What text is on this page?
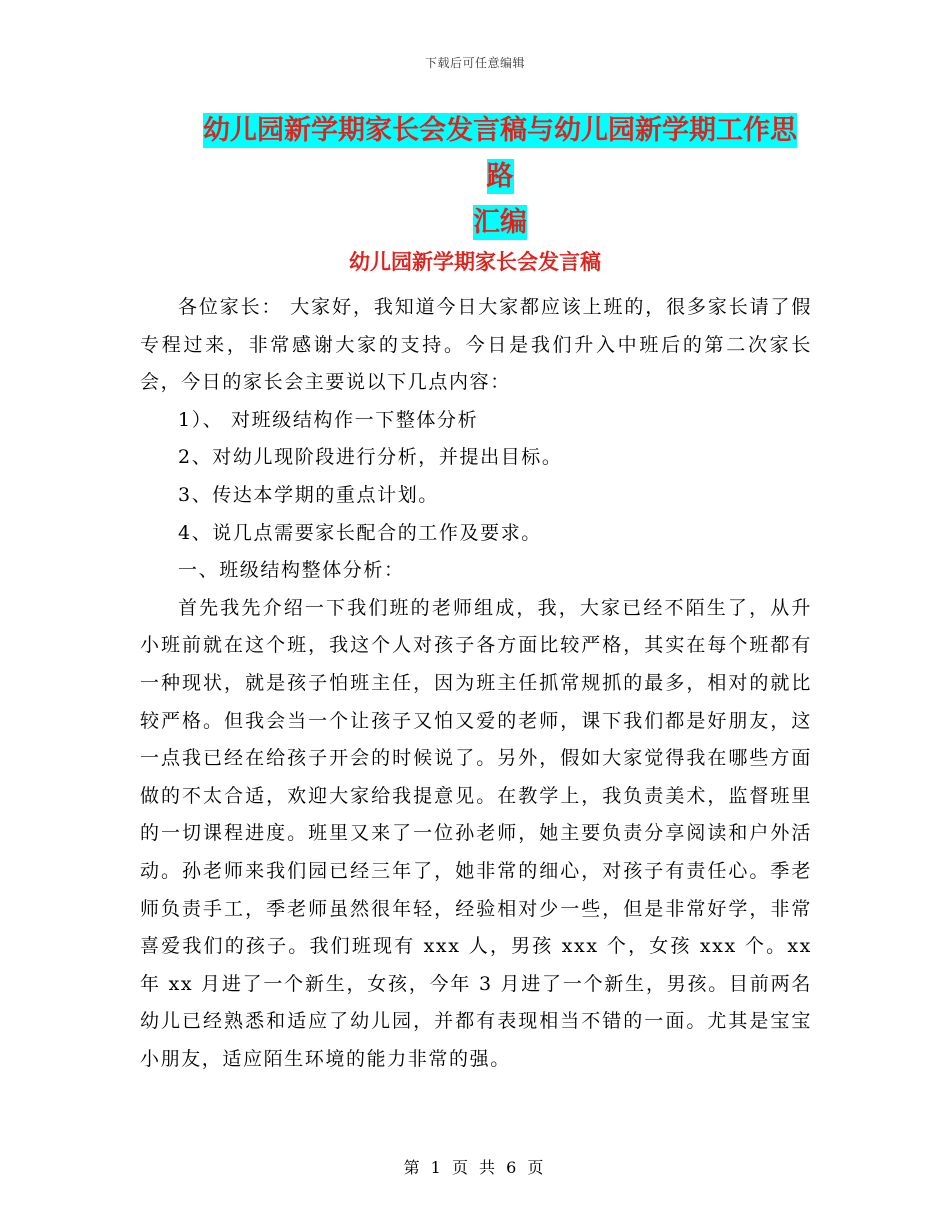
下载后可任意编辑
幼儿园新学期家长会发言稿与幼儿园新学期工作思路
汇编
幼儿园新学期家长会发言稿

各位家长： 大家好，我知道今日大家都应该上班的，很多家长请了假专程过来，非常感谢大家的支持。今日是我们升入中班后的第二次家长会，今日的家长会主要说以下几点内容：

1）、 对班级结构作一下整体分析

2、对幼儿现阶段进行分析，并提出目标。

3、传达本学期的重点计划。

4、说几点需要家长配合的工作及要求。

一、班级结构整体分析：

首先我先介绍一下我们班的老师组成，我，大家已经不陌生了，从升小班前就在这个班，我这个人对孩子各方面比较严格，其实在每个班都有一种现状，就是孩子怕班主任，因为班主任抓常规抓的最多，相对的就比较严格。但我会当一个让孩子又怕又爱的老师，课下我们都是好朋友，这一点我已经在给孩子开会的时候说了。另外，假如大家觉得我在哪些方面做的不太合适，欢迎大家给我提意见。在教学上，我负责美术，监督班里的一切课程进度。班里又来了一位孙老师，她主要负责分享阅读和户外活动。孙老师来我们园已经三年了，她非常的细心，对孩子有责任心。季老师负责手工，季老师虽然很年轻，经验相对少一些，但是非常好学，非常喜爱我们的孩子。我们班现有 xxx 人，男孩 xxx 个，女孩 xxx 个。xx 年 xx 月进了一个新生，女孩，今年 3 月进了一个新生，男孩。目前两名幼儿已经熟悉和适应了幼儿园，并都有表现相当不错的一面。尤其是宝宝小朋友，适应陌生环境的能力非常的强。

第 1 页 共 6 页
